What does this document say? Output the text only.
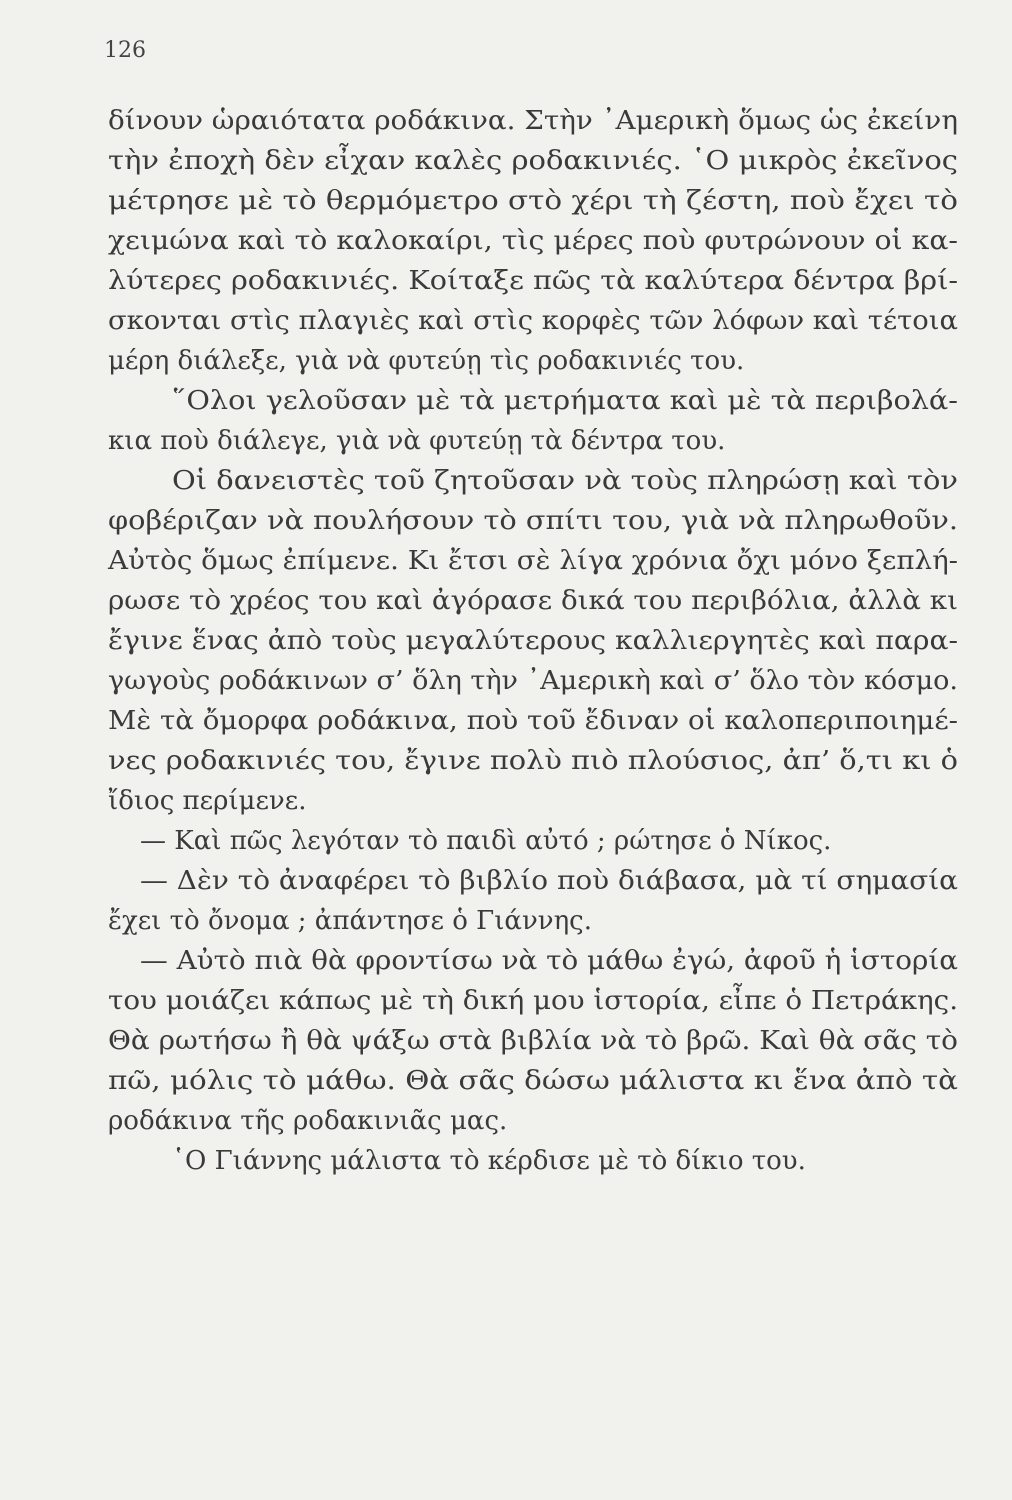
126
δίνουν ὡραιότατα ροδάκινα. Στὴν ᾿Αμερικὴ ὅμως ὡς ἐκείνη
τὴν ἐποχὴ δὲν εἶχαν καλὲς ροδακινιές. ῾Ο μικρὸς ἐκεῖνος
μέτρησε μὲ τὸ θερμόμετρο στὸ χέρι τὴ ζέστη, ποὺ ἔχει τὸ
χειμώνα καὶ τὸ καλοκαίρι, τὶς μέρες ποὺ φυτρώνουν οἱ κα-
λύτερες ροδακινιές. Κοίταξε πῶς τὰ καλύτερα δέντρα βρί-
σκονται στὶς πλαγιὲς καὶ στὶς κορφὲς τῶν λόφων καὶ τέτοια
μέρη διάλεξε, γιὰ νὰ φυτεύῃ τὶς ροδακινιές του.
῞Ολοι γελοῦσαν μὲ τὰ μετρήματα καὶ μὲ τὰ περιβολά-
κια ποὺ διάλεγε, γιὰ νὰ φυτεύῃ τὰ δέντρα του.
Οἱ δανειστὲς τοῦ ζητοῦσαν νὰ τοὺς πληρώσῃ καὶ τὸν
φοβέριζαν νὰ πουλήσουν τὸ σπίτι του, γιὰ νὰ πληρωθοῦν.
Αὐτὸς ὅμως ἐπίμενε. Κι ἔτσι σὲ λίγα χρόνια ὄχι μόνο ξεπλή-
ρωσε τὸ χρέος του καὶ ἀγόρασε δικά του περιβόλια, ἀλλὰ κι
ἔγινε ἕνας ἀπὸ τοὺς μεγαλύτερους καλλιεργητὲς καὶ παρα-
γωγοὺς ροδάκινων σ’ ὅλη τὴν ᾿Αμερικὴ καὶ σ’ ὅλο τὸν κόσμο.
Μὲ τὰ ὄμορφα ροδάκινα, ποὺ τοῦ ἔδιναν οἱ καλοπεριποιημέ-
νες ροδακινιές του, ἔγινε πολὺ πιὸ πλούσιος, ἀπ’ ὅ,τι κι ὁ
ἴδιος περίμενε.
— Καὶ πῶς λεγόταν τὸ παιδὶ αὐτό ; ρώτησε ὁ Νίκος.
— Δὲν τὸ ἀναφέρει τὸ βιβλίο ποὺ διάβασα, μὰ τί σημασία
ἔχει τὸ ὄνομα ; ἀπάντησε ὁ Γιάννης.
— Αὐτὸ πιὰ θὰ φροντίσω νὰ τὸ μάθω ἐγώ, ἀφοῦ ἡ ἱστορία
του μοιάζει κάπως μὲ τὴ δική μου ἱστορία, εἶπε ὁ Πετράκης.
Θὰ ρωτήσω ἢ θὰ ψάξω στὰ βιβλία νὰ τὸ βρῶ. Καὶ θὰ σᾶς τὸ
πῶ, μόλις τὸ μάθω. Θὰ σᾶς δώσω μάλιστα κι ἕνα ἀπὸ τὰ
ροδάκινα τῆς ροδακινιᾶς μας.
῾Ο Γιάννης μάλιστα τὸ κέρδισε μὲ τὸ δίκιο του.
